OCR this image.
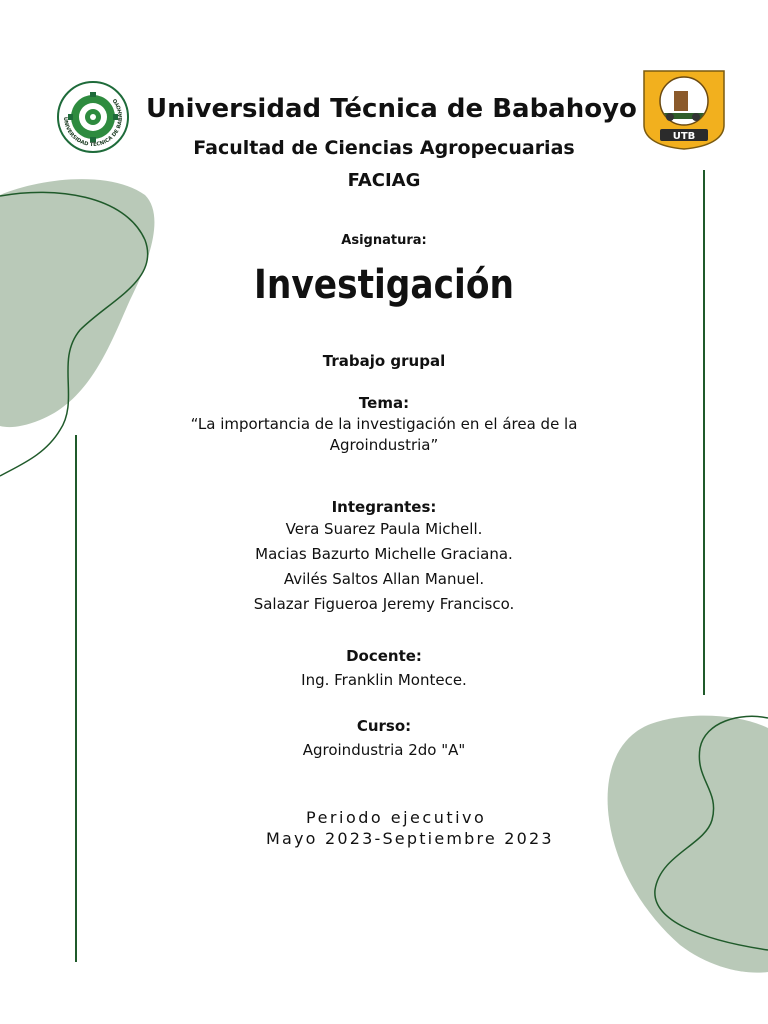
UTB
Universidad Técnica de Babahoyo
Facultad de Ciencias Agropecuarias
FACIAG
Asignatura:
Investigación
Trabajo grupal
Tema:
“La importancia de la investigación en el área de la
Agroindustria”
Integrantes:
Vera Suarez Paula Michell.
Macias Bazurto Michelle Graciana.
Avilés Saltos Allan Manuel.
Salazar Figueroa Jeremy Francisco.
Docente:
Ing. Franklin Montece.
Curso:
Agroindustria 2do "A"
Periodo ejecutivo
Mayo 2023-Septiembre 2023
UNIVERSIDAD TÉCNICA DE BABAHOYO
